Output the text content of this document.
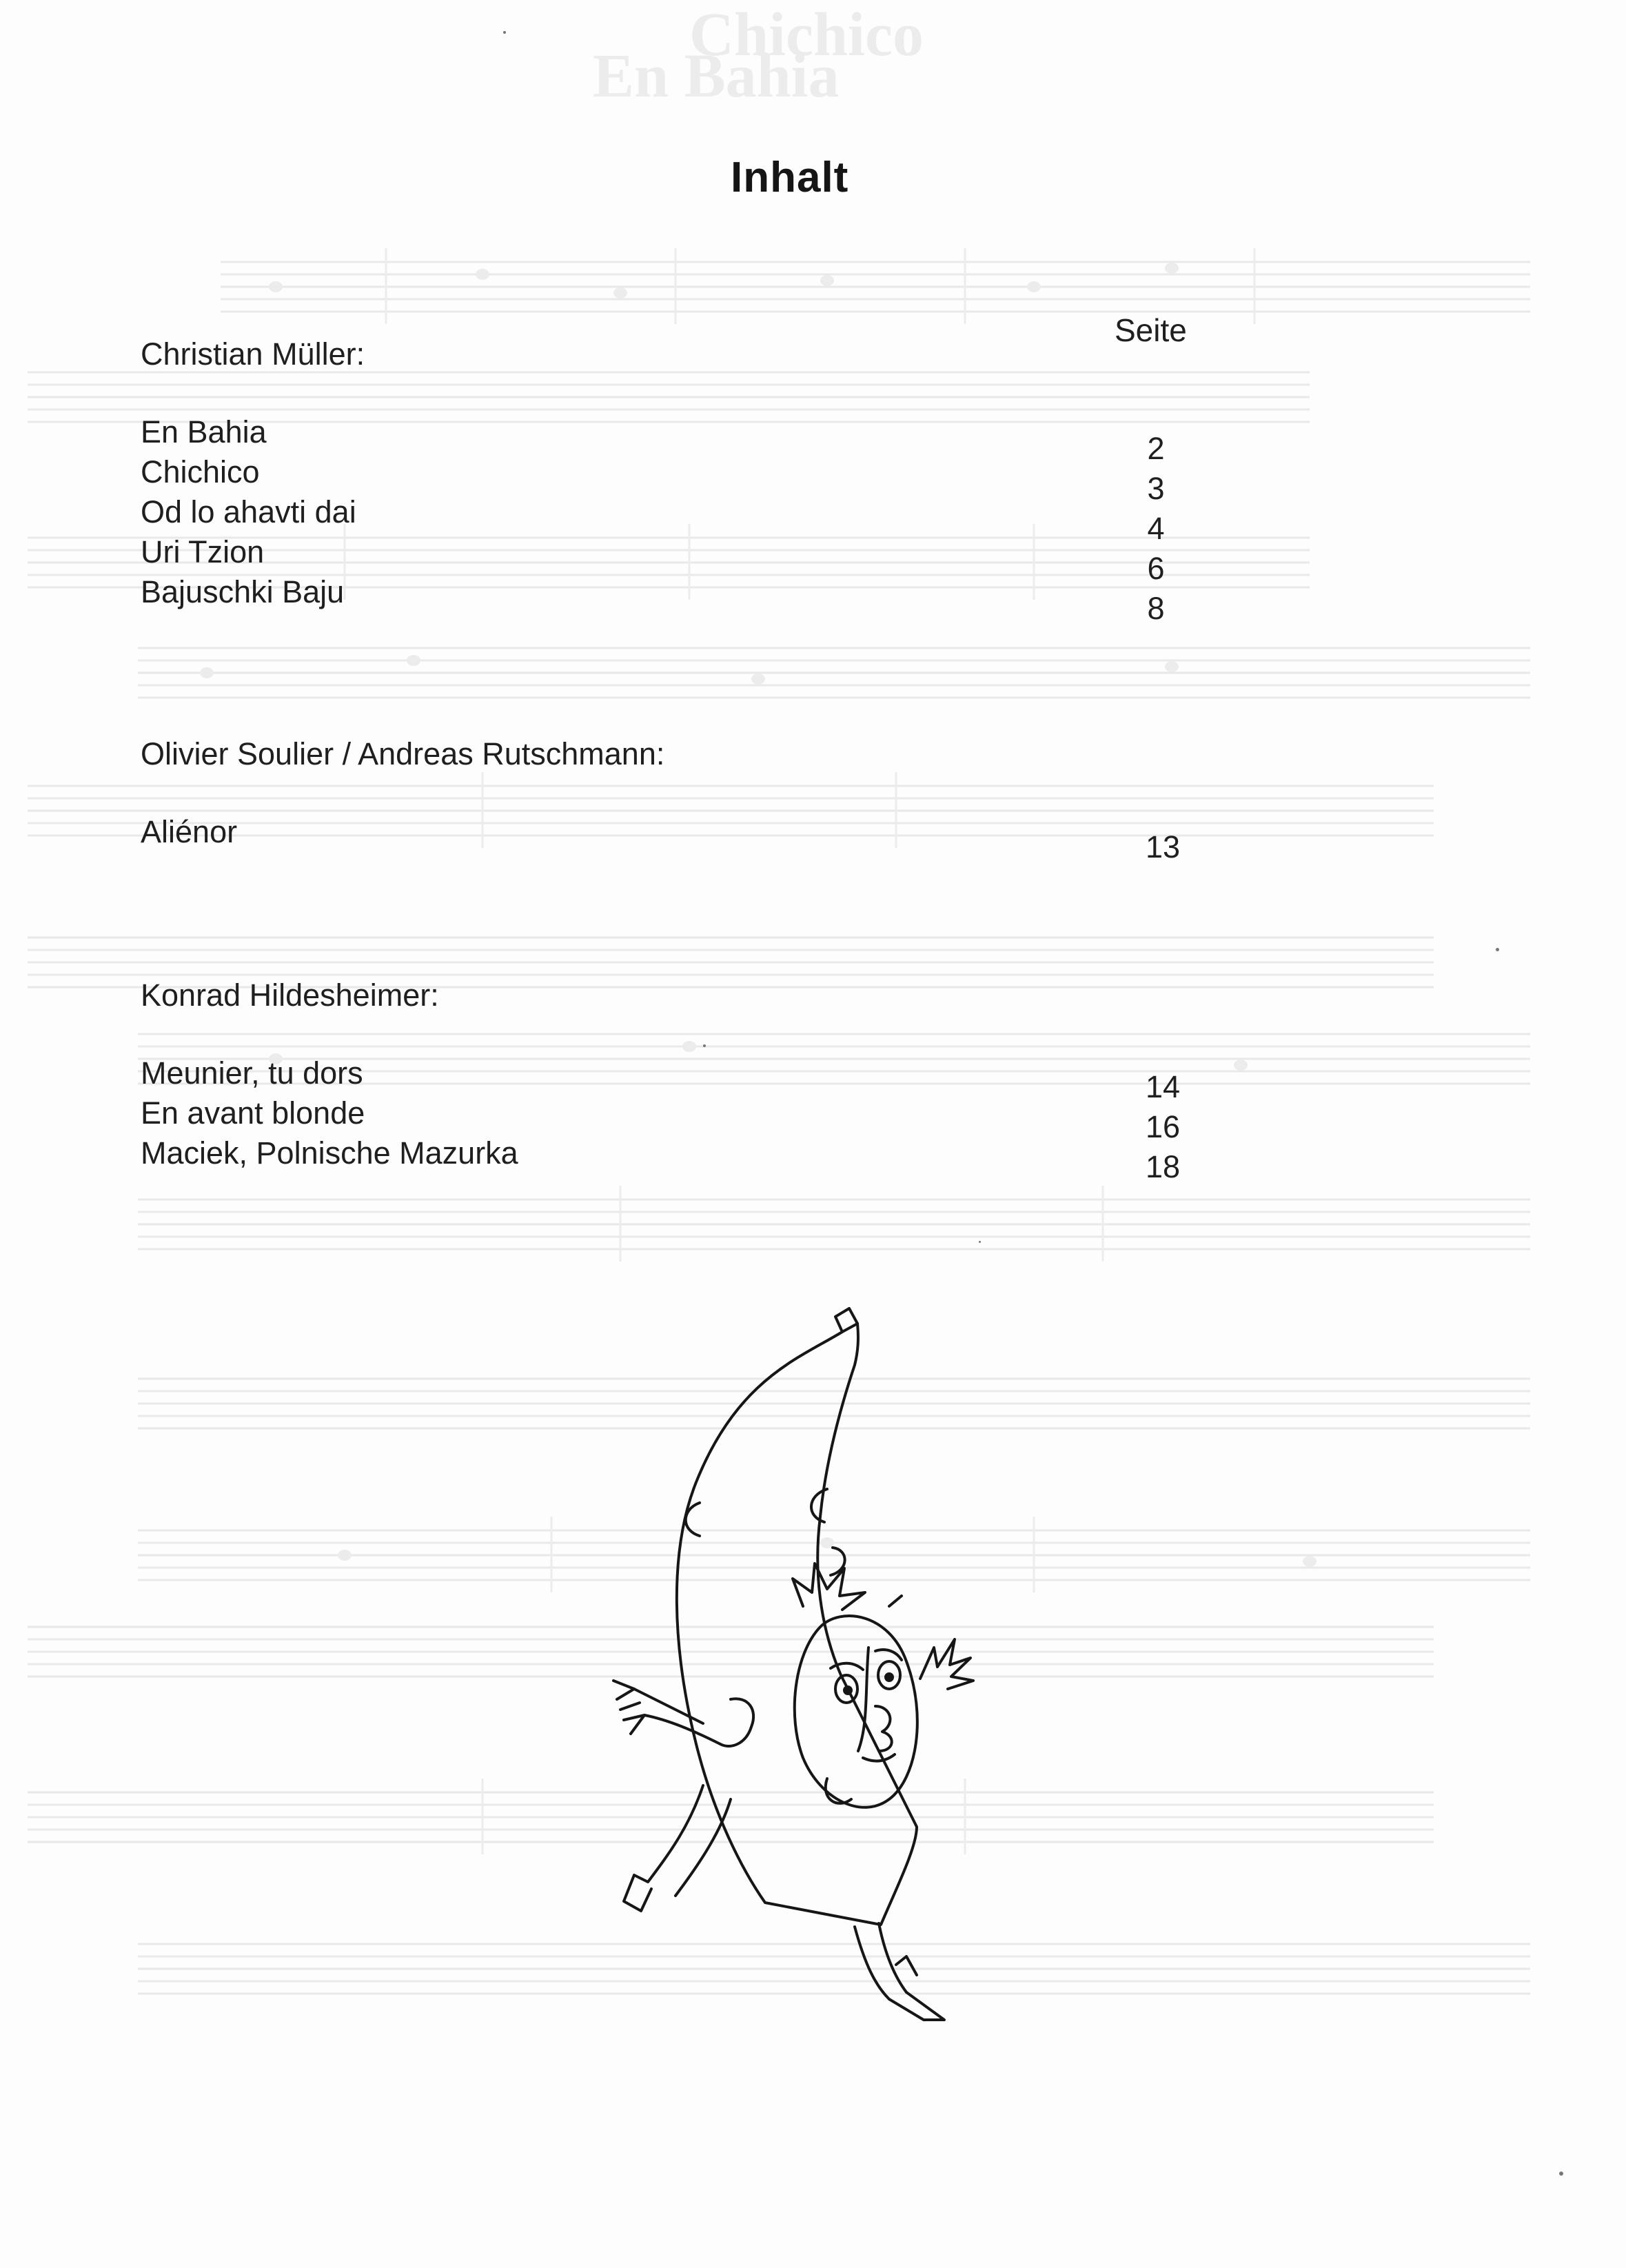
Chichico
En Bahia
Inhalt
Seite
Christian Müller:
En Bahia
Chichico
Od lo ahavti dai
Uri Tzion
Bajuschki Baju
2
3
4
6
8
Olivier Soulier / Andreas Rutschmann:
Aliénor	13
Konrad Hildesheimer:
Meunier, tu dors
En avant blonde
Maciek, Polnische Mazurka
14
16
18
